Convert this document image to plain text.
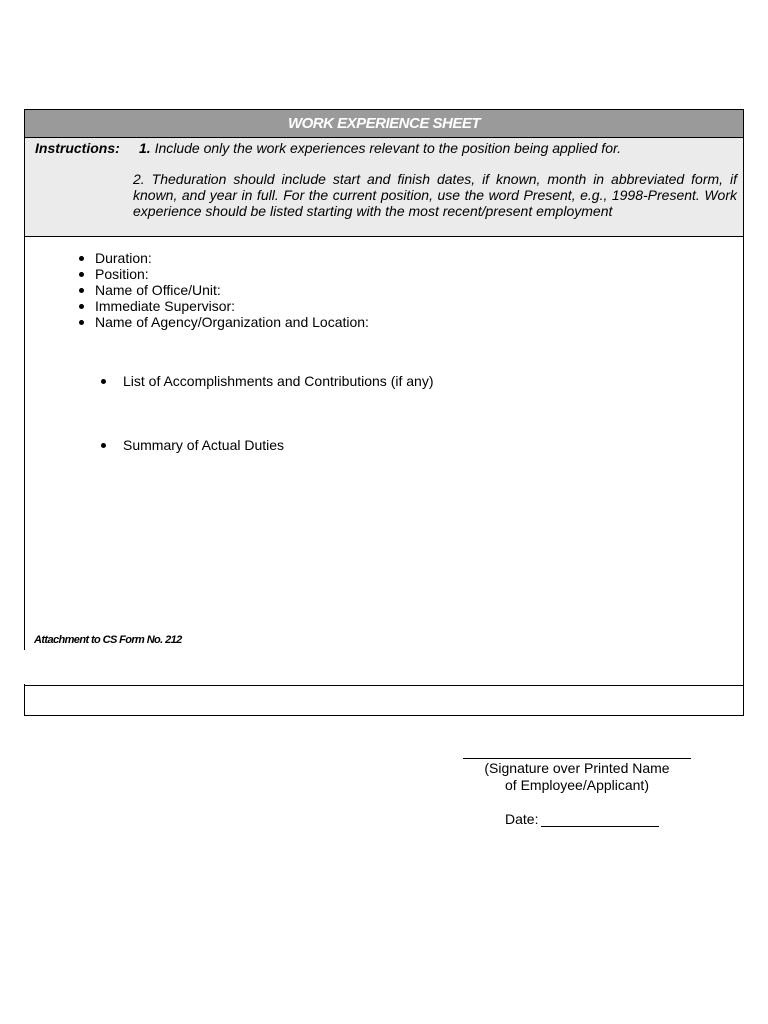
WORK EXPERIENCE SHEET
Instructions: 1. Include only the work experiences relevant to the position being applied for.
2. Theduration should include start and finish dates, if known, month in abbreviated form, if known, and year in full. For the current position, use the word Present, e.g., 1998-Present. Work experience should be listed starting with the most recent/present employment
Duration:
Position:
Name of Office/Unit:
Immediate Supervisor:
Name of Agency/Organization and Location:
List of Accomplishments and Contributions (if any)
Summary of Actual Duties
Attachment to CS Form No. 212
(Signature over Printed Name
of Employee/Applicant)
Date:
